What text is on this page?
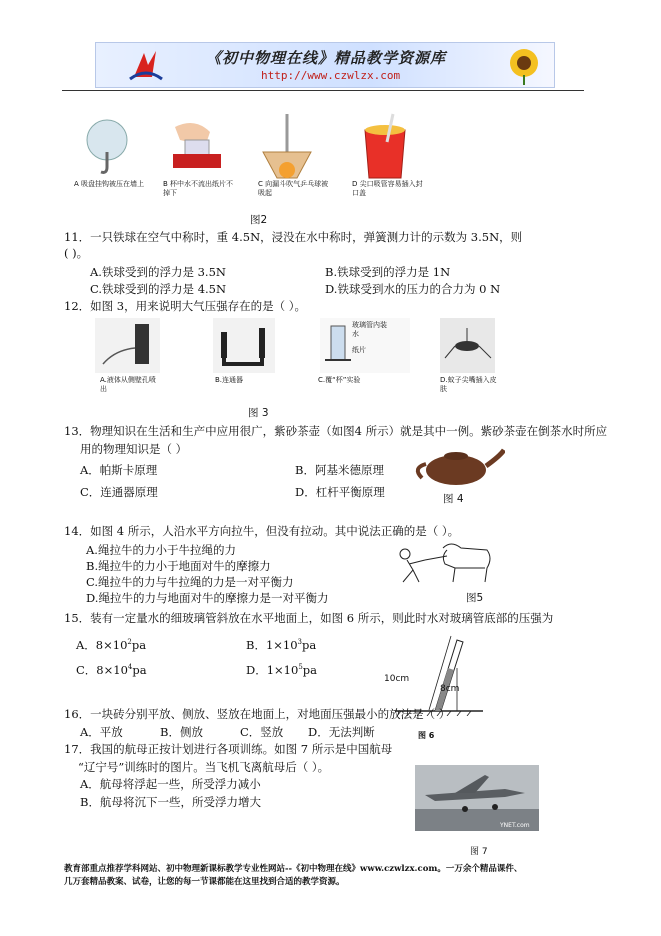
《初中物理在线》精品教学资源库
http://www.czwlzx.com
A 吸盘挂钩被压在墙上	B 杯中水不流出纸片不掉下
C 向漏斗吹气乒乓球被吸起
D 尖口吸管容易插入封口盖
图2
11．一只铁球在空气中称时，重 4.5N，浸没在水中称时，弹簧测力计的示数为 3.5N，则
( )。
A.铁球受到的浮力是 3.5N	B.铁球受到的浮力是 1N
C.铁球受到的浮力是 4.5N	D.铁球受到水的压力的合力为 0 N
12．如图 3，用来说明大气压强存在的是（ ）。
玻璃管内装水
纸片
A.液体从侧壁孔喷出
B.连通器	C.覆“杯”实验	D.蚊子尖嘴插入皮肤
图 3
13．物理知识在生活和生产中应用很广，紫砂茶壶（如图4 所示）就是其中一例。紫砂茶壶在倒茶水时所应
用的物理知识是（ ）
A．帕斯卡原理	B．阿基米德原理
C．连通器原理	D．杠杆平衡原理	图 4
14．如图 4 所示，人沿水平方向拉牛，但没有拉动。其中说法正确的是（ ）。
A.绳拉牛的力小于牛拉绳的力
B.绳拉牛的力小于地面对牛的摩擦力
C.绳拉牛的力与牛拉绳的力是一对平衡力
D.绳拉牛的力与地面对牛的摩擦力是一对平衡力	图5
15．装有一定量水的细玻璃管斜放在水平地面上，如图 6 所示，则此时水对玻璃管底部的压强为
A．$8\times 10^2pa$	B．$1\times 10^3pa$
C．$8\times 10^4pa$	D．$1\times 10^5pa$
10cm
8cm
16．一块砖分别平放、侧放、竖放在地面上，对地面压强最小的放法是（ ）
A．平放	B．侧放	C．竖放 D．无法判断	图 6
17．我国的航母正按计划进行各项训练。如图 7 所示是中国航母
“辽宁号”训练时的图片。当飞机飞离航母后（ ）。
A．航母将浮起一些，所受浮力减小
B．航母将沉下一些，所受浮力增大
YNET.com
图 7
教育部重点推荐学科网站、初中物理新课标教学专业性网站--《初中物理在线》www.czwlzx.com。一万余个精品课件、
几万套精品教案、试卷，让您的每一节课都能在这里找到合适的教学资源。
